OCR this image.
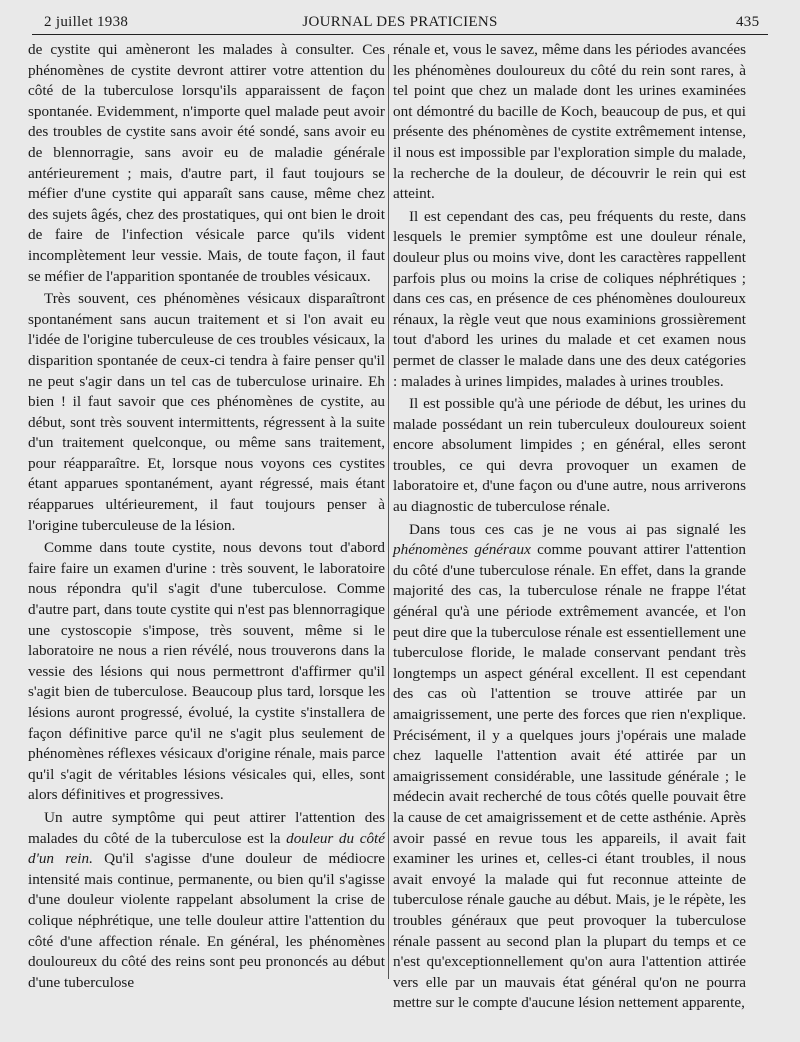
2 juillet 1938	JOURNAL DES PRATICIENS	435

de cystite qui amèneront les malades à consulter. Ces phénomènes de cystite devront attirer votre attention du côté de la tuberculose lorsqu'ils apparaissent de façon spontanée. Evidemment, n'importe quel malade peut avoir des troubles de cystite sans avoir été sondé, sans avoir eu de blennorragie, sans avoir eu de maladie générale antérieurement ; mais, d'autre part, il faut toujours se méfier d'une cystite qui apparaît sans cause, même chez des sujets âgés, chez des prostatiques, qui ont bien le droit de faire de l'infection vésicale parce qu'ils vident incomplètement leur vessie. Mais, de toute façon, il faut se méfier de l'apparition spontanée de troubles vésicaux.

Très souvent, ces phénomènes vésicaux disparaîtront spontanément sans aucun traitement et si l'on avait eu l'idée de l'origine tuberculeuse de ces troubles vésicaux, la disparition spontanée de ceux-ci tendra à faire penser qu'il ne peut s'agir dans un tel cas de tuberculose urinaire. Eh bien ! il faut savoir que ces phénomènes de cystite, au début, sont très souvent intermittents, régressent à la suite d'un traitement quelconque, ou même sans traitement, pour réapparaître. Et, lorsque nous voyons ces cystites étant apparues spontanément, ayant régressé, mais étant réapparues ultérieurement, il faut toujours penser à l'origine tuberculeuse de la lésion.

Comme dans toute cystite, nous devons tout d'abord faire faire un examen d'urine : très souvent, le laboratoire nous répondra qu'il s'agit d'une tuberculose. Comme d'autre part, dans toute cystite qui n'est pas blennorragique une cystoscopie s'impose, très souvent, même si le laboratoire ne nous a rien révélé, nous trouverons dans la vessie des lésions qui nous permettront d'affirmer qu'il s'agit bien de tuberculose. Beaucoup plus tard, lorsque les lésions auront progressé, évolué, la cystite s'installera de façon définitive parce qu'il ne s'agit plus seulement de phénomènes réflexes vésicaux d'origine rénale, mais parce qu'il s'agit de véritables lésions vésicales qui, elles, sont alors définitives et progressives.

Un autre symptôme qui peut attirer l'attention des malades du côté de la tuberculose est la douleur du côté d'un rein. Qu'il s'agisse d'une douleur de médiocre intensité mais continue, permanente, ou bien qu'il s'agisse d'une douleur violente rappelant absolument la crise de colique néphrétique, une telle douleur attire l'attention du côté d'une affection rénale. En général, les phénomènes douloureux du côté des reins sont peu prononcés au début d'une tuberculose

rénale et, vous le savez, même dans les périodes avancées les phénomènes douloureux du côté du rein sont rares, à tel point que chez un malade dont les urines examinées ont démontré du bacille de Koch, beaucoup de pus, et qui présente des phénomènes de cystite extrêmement intense, il nous est impossible par l'exploration simple du malade, la recherche de la douleur, de découvrir le rein qui est atteint.

Il est cependant des cas, peu fréquents du reste, dans lesquels le premier symptôme est une douleur rénale, douleur plus ou moins vive, dont les caractères rappellent parfois plus ou moins la crise de coliques néphrétiques ; dans ces cas, en présence de ces phénomènes douloureux rénaux, la règle veut que nous examinions grossièrement tout d'abord les urines du malade et cet examen nous permet de classer le malade dans une des deux catégories : malades à urines limpides, malades à urines troubles.

Il est possible qu'à une période de début, les urines du malade possédant un rein tuberculeux douloureux soient encore absolument limpides ; en général, elles seront troubles, ce qui devra provoquer un examen de laboratoire et, d'une façon ou d'une autre, nous arriverons au diagnostic de tuberculose rénale.

Dans tous ces cas je ne vous ai pas signalé les phénomènes généraux comme pouvant attirer l'attention du côté d'une tuberculose rénale. En effet, dans la grande majorité des cas, la tuberculose rénale ne frappe l'état général qu'à une période extrêmement avancée, et l'on peut dire que la tuberculose rénale est essentiellement une tuberculose floride, le malade conservant pendant très longtemps un aspect général excellent. Il est cependant des cas où l'attention se trouve attirée par un amaigrissement, une perte des forces que rien n'explique. Précisément, il y a quelques jours j'opérais une malade chez laquelle l'attention avait été attirée par un amaigrissement considérable, une lassitude générale ; le médecin avait recherché de tous côtés quelle pouvait être la cause de cet amaigrissement et de cette asthénie. Après avoir passé en revue tous les appareils, il avait fait examiner les urines et, celles-ci étant troubles, il nous avait envoyé la malade qui fut reconnue atteinte de tuberculose rénale gauche au début. Mais, je le répète, les troubles généraux que peut provoquer la tuberculose rénale passent au second plan la plupart du temps et ce n'est qu'exceptionnellement qu'on aura l'attention attirée vers elle par un mauvais état général qu'on ne pourra mettre sur le compte d'aucune lésion nettement apparente,
